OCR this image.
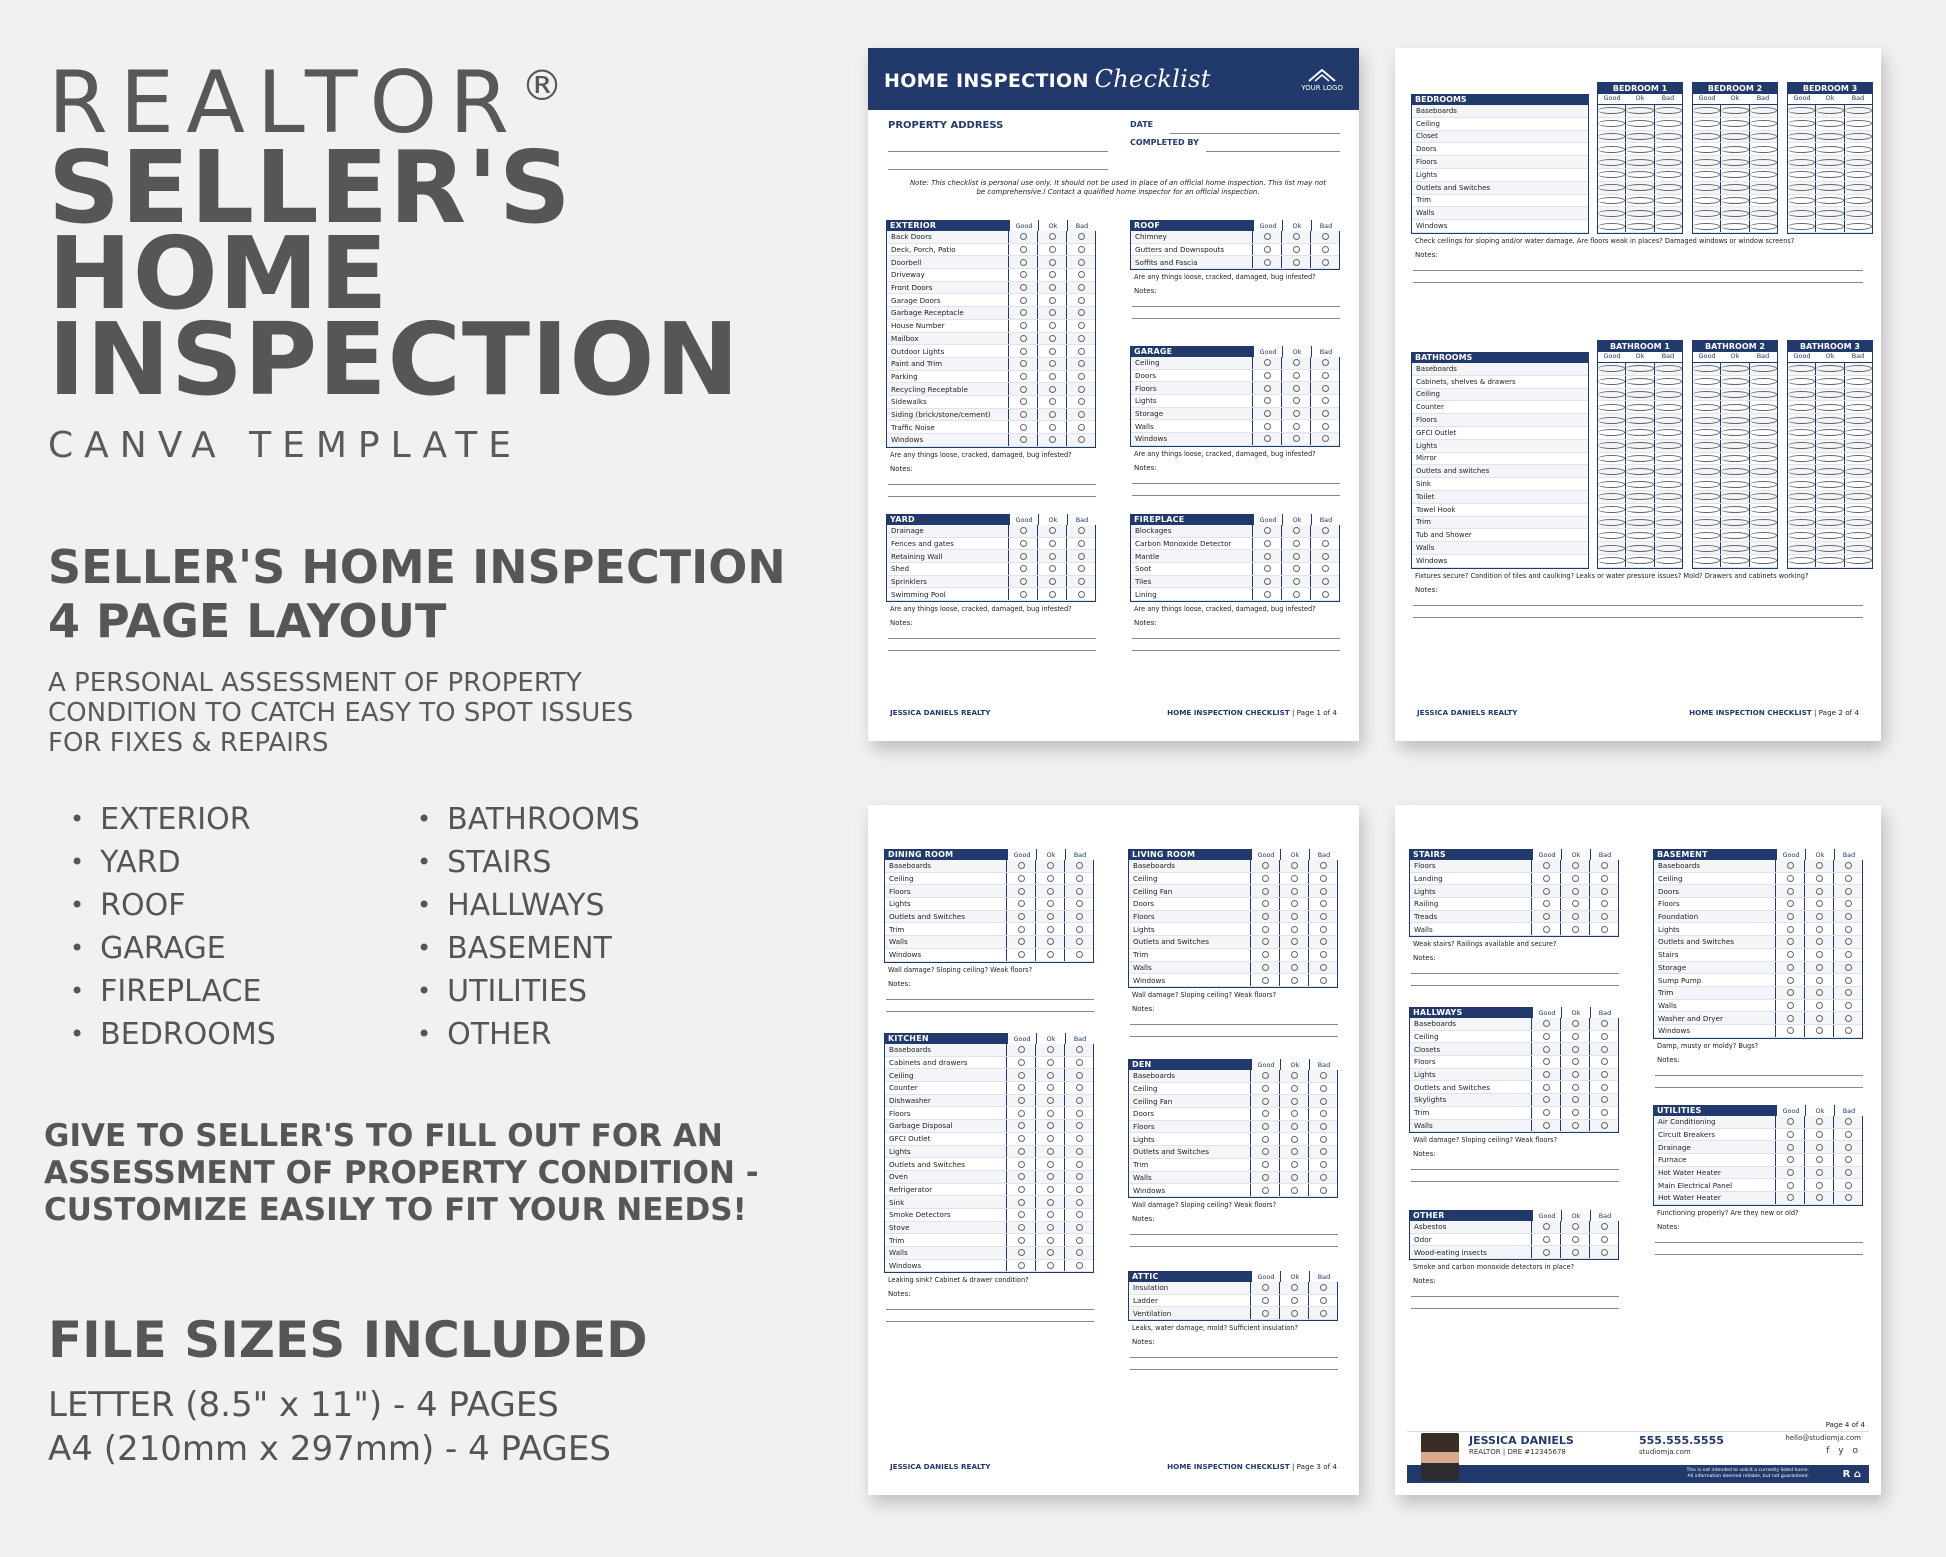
REALTOR®
SELLER'S
HOME
INSPECTION
CANVA TEMPLATE
SELLER'S HOME INSPECTION
4 PAGE LAYOUT
A PERSONAL ASSESSMENT OF PROPERTY
CONDITION TO CATCH EASY TO SPOT ISSUES
FOR FIXES & REPAIRS
• EXTERIOR
• YARD
• ROOF
• GARAGE
• FIREPLACE
• BEDROOMS
• BATHROOMS
• STAIRS
• HALLWAYS
• BASEMENT
• UTILITIES
• OTHER
GIVE TO SELLER'S TO FILL OUT FOR AN
ASSESSMENT OF PROPERTY CONDITION -
CUSTOMIZE EASILY TO FIT YOUR NEEDS!
FILE SIZES INCLUDED
LETTER (8.5" x 11") - 4 PAGES
A4 (210mm x 297mm) - 4 PAGES
HOME INSPECTION Checklist	YOUR LOGO
PROPERTY ADDRESS	DATE
COMPLETED BY
Note: This checklist is personal use only. It should not be used in place of an official home inspection. This list may not be comprehensive.l Contact a qualified home inspector for an official inspection.
EXTERIOR	Good	Ok	Bad
Back Doors
Deck, Porch, Patio
Doorbell
Driveway
Front Doors
Garage Doors
Garbage Receptacle
House Number
Mailbox
Outdoor Lights
Paint and Trim
Parking
Recycling Receptable
Sidewalks
Siding (brick/stone/cement)
Traffic Noise
Windows
Are any things loose, cracked, damaged, bug infested?
Notes:
ROOF	Good	Ok	Bad
Chimney
Gutters and Downspouts
Soffits and Fascia
Are any things loose, cracked, damaged, bug infested?
Notes:
GARAGE	Good	Ok	Bad
Ceiling
Doors
Floors
Lights
Storage
Walls
Windows
Are any things loose, cracked, damaged, bug infested?
Notes:
YARD	Good	Ok	Bad
Drainage
Fences and gates
Retaining Wall
Shed
Sprinklers
Swimming Pool
Are any things loose, cracked, damaged, bug infested?
Notes:
FIREPLACE	Good	Ok	Bad
Blockages
Carbon Monoxide Detector
Mantle
Soot
Tiles
Lining
Are any things loose, cracked, damaged, bug infested?
Notes:
JESSICA DANIELS REALTY	HOME INSPECTION CHECKLIST | Page 1 of 4
BEDROOMS
Baseboards
Ceiling
Closet
Doors
Floors
Lights
Outlets and Switches
Trim
Walls
Windows
BEDROOM 1
Good	Ok	Bad
BEDROOM 2
Good	Ok	Bad
BEDROOM 3
Good	Ok	Bad
Check ceilings for sloping and/or water damage. Are floors weak in places? Damaged windows or window screens?
Notes:
BATHROOMS
Baseboards
Cabinets, shelves & drawers
Ceiling
Counter
Floors
GFCI Outlet
Lights
Mirror
Outlets and switches
Sink
Toilet
Towel Hook
Trim
Tub and Shower
Walls
Windows
BATHROOM 1
Good	Ok	Bad
BATHROOM 2
Good	Ok	Bad
BATHROOM 3
Good	Ok	Bad
Fixtures secure? Condition of tiles and caulking? Leaks or water pressure issues? Mold? Drawers and cabinets working?
Notes:
JESSICA DANIELS REALTY	HOME INSPECTION CHECKLIST | Page 2 of 4
DINING ROOM	Good	Ok	Bad
Baseboards
Ceiling
Floors
Lights
Outlets and Switches
Trim
Walls
Windows
Wall damage? Sloping ceiling? Weak floors?
Notes:
LIVING ROOM	Good	Ok	Bad
Baseboards
Ceiling
Ceiling Fan
Doors
Floors
Lights
Outlets and Switches
Trim
Walls
Windows
Wall damage? Sloping ceiling? Weak floors?
Notes:
KITCHEN	Good	Ok	Bad
Baseboards
Cabinets and drawers
Ceiling
Counter
Dishwasher
Floors
Garbage Disposal
GFCI Outlet
Lights
Outlets and Switches
Oven
Refrigerator
Sink
Smoke Detectors
Stove
Trim
Walls
Windows
Leaking sink? Cabinet & drawer condition?
Notes:
DEN	Good	Ok	Bad
Baseboards
Ceiling
Ceiling Fan
Doors
Floors
Lights
Outlets and Switches
Trim
Walls
Windows
Wall damage? Sloping ceiling? Weak floors?
Notes:
ATTIC	Good	Ok	Bad
Insulation
Ladder
Ventilation
Leaks, water damage, mold? Sufficient insulation?
Notes:
JESSICA DANIELS REALTY	HOME INSPECTION CHECKLIST | Page 3 of 4
STAIRS	Good	Ok	Bad
Floors
Landing
Lights
Railing
Treads
Walls
Weak stairs? Railings available and secure?
Notes:
BASEMENT	Good	Ok	Bad
Baseboards
Ceiling
Doors
Floors
Foundation
Lights
Outlets and Switches
Stairs
Storage
Sump Pump
Trim
Walls
Washer and Dryer
Windows
Damp, musty or moldy? Bugs?
Notes:
HALLWAYS	Good	Ok	Bad
Baseboards
Ceiling
Closets
Floors
Lights
Outlets and Switches
Skylights
Trim
Walls
Wall damage? Sloping ceiling? Weak floors?
Notes:
UTILITIES	Good	Ok	Bad
Air Conditioning
Circuit Breakers
Drainage
Furnace
Hot Water Heater
Main Electrical Panel
Hot Water Heater
Functioning properly? Are they new or old?
Notes:
OTHER	Good	Ok	Bad
Asbestos
Odor
Wood-eating insects
Smoke and carbon monoxide detectors in place?
Notes:
Page 4 of 4
JESSICA DANIELS
REALTOR | DRE #12345678
555.555.5555
studiomja.com
hello@studiomja.com
f y o
This is not intended to solicit a currently listed home.
All information deemed reliable, but not guaranteed.	R ⌂
